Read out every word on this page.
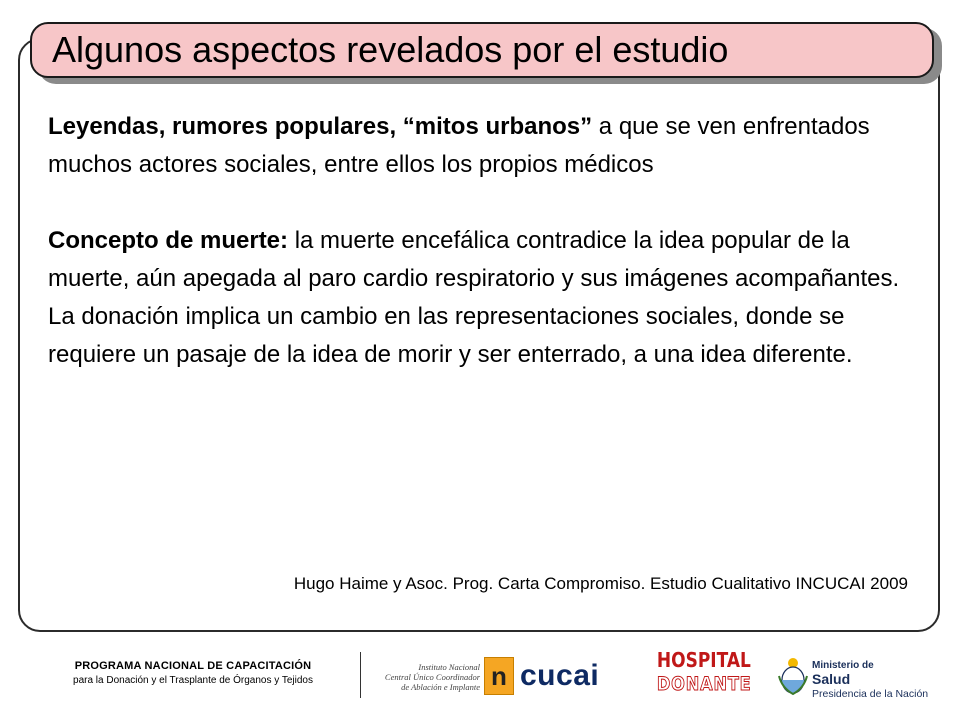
Algunos aspectos revelados por el estudio

Leyendas, rumores populares, “mitos urbanos” a que se ven enfrentados muchos actores sociales, entre ellos los propios médicos

Concepto de muerte: la muerte encefálica contradice la idea popular de la muerte, aún apegada al paro cardio respiratorio y sus imágenes acompañantes.

La donación implica un cambio en las representaciones sociales, donde se requiere un pasaje de la idea de morir y ser enterrado, a una idea diferente.

Hugo Haime y Asoc. Prog. Carta Compromiso. Estudio Cualitativo INCUCAI 2009
PROGRAMA NACIONAL DE CAPACITACIÓN
para la Donación y el Trasplante de Órganos y Tejidos
Instituto Nacional
Central Único Coordinador
de Ablación e Implante n cucai	HOSPITAL
DONANTE
Ministerio de
Salud
Presidencia de la Nación
